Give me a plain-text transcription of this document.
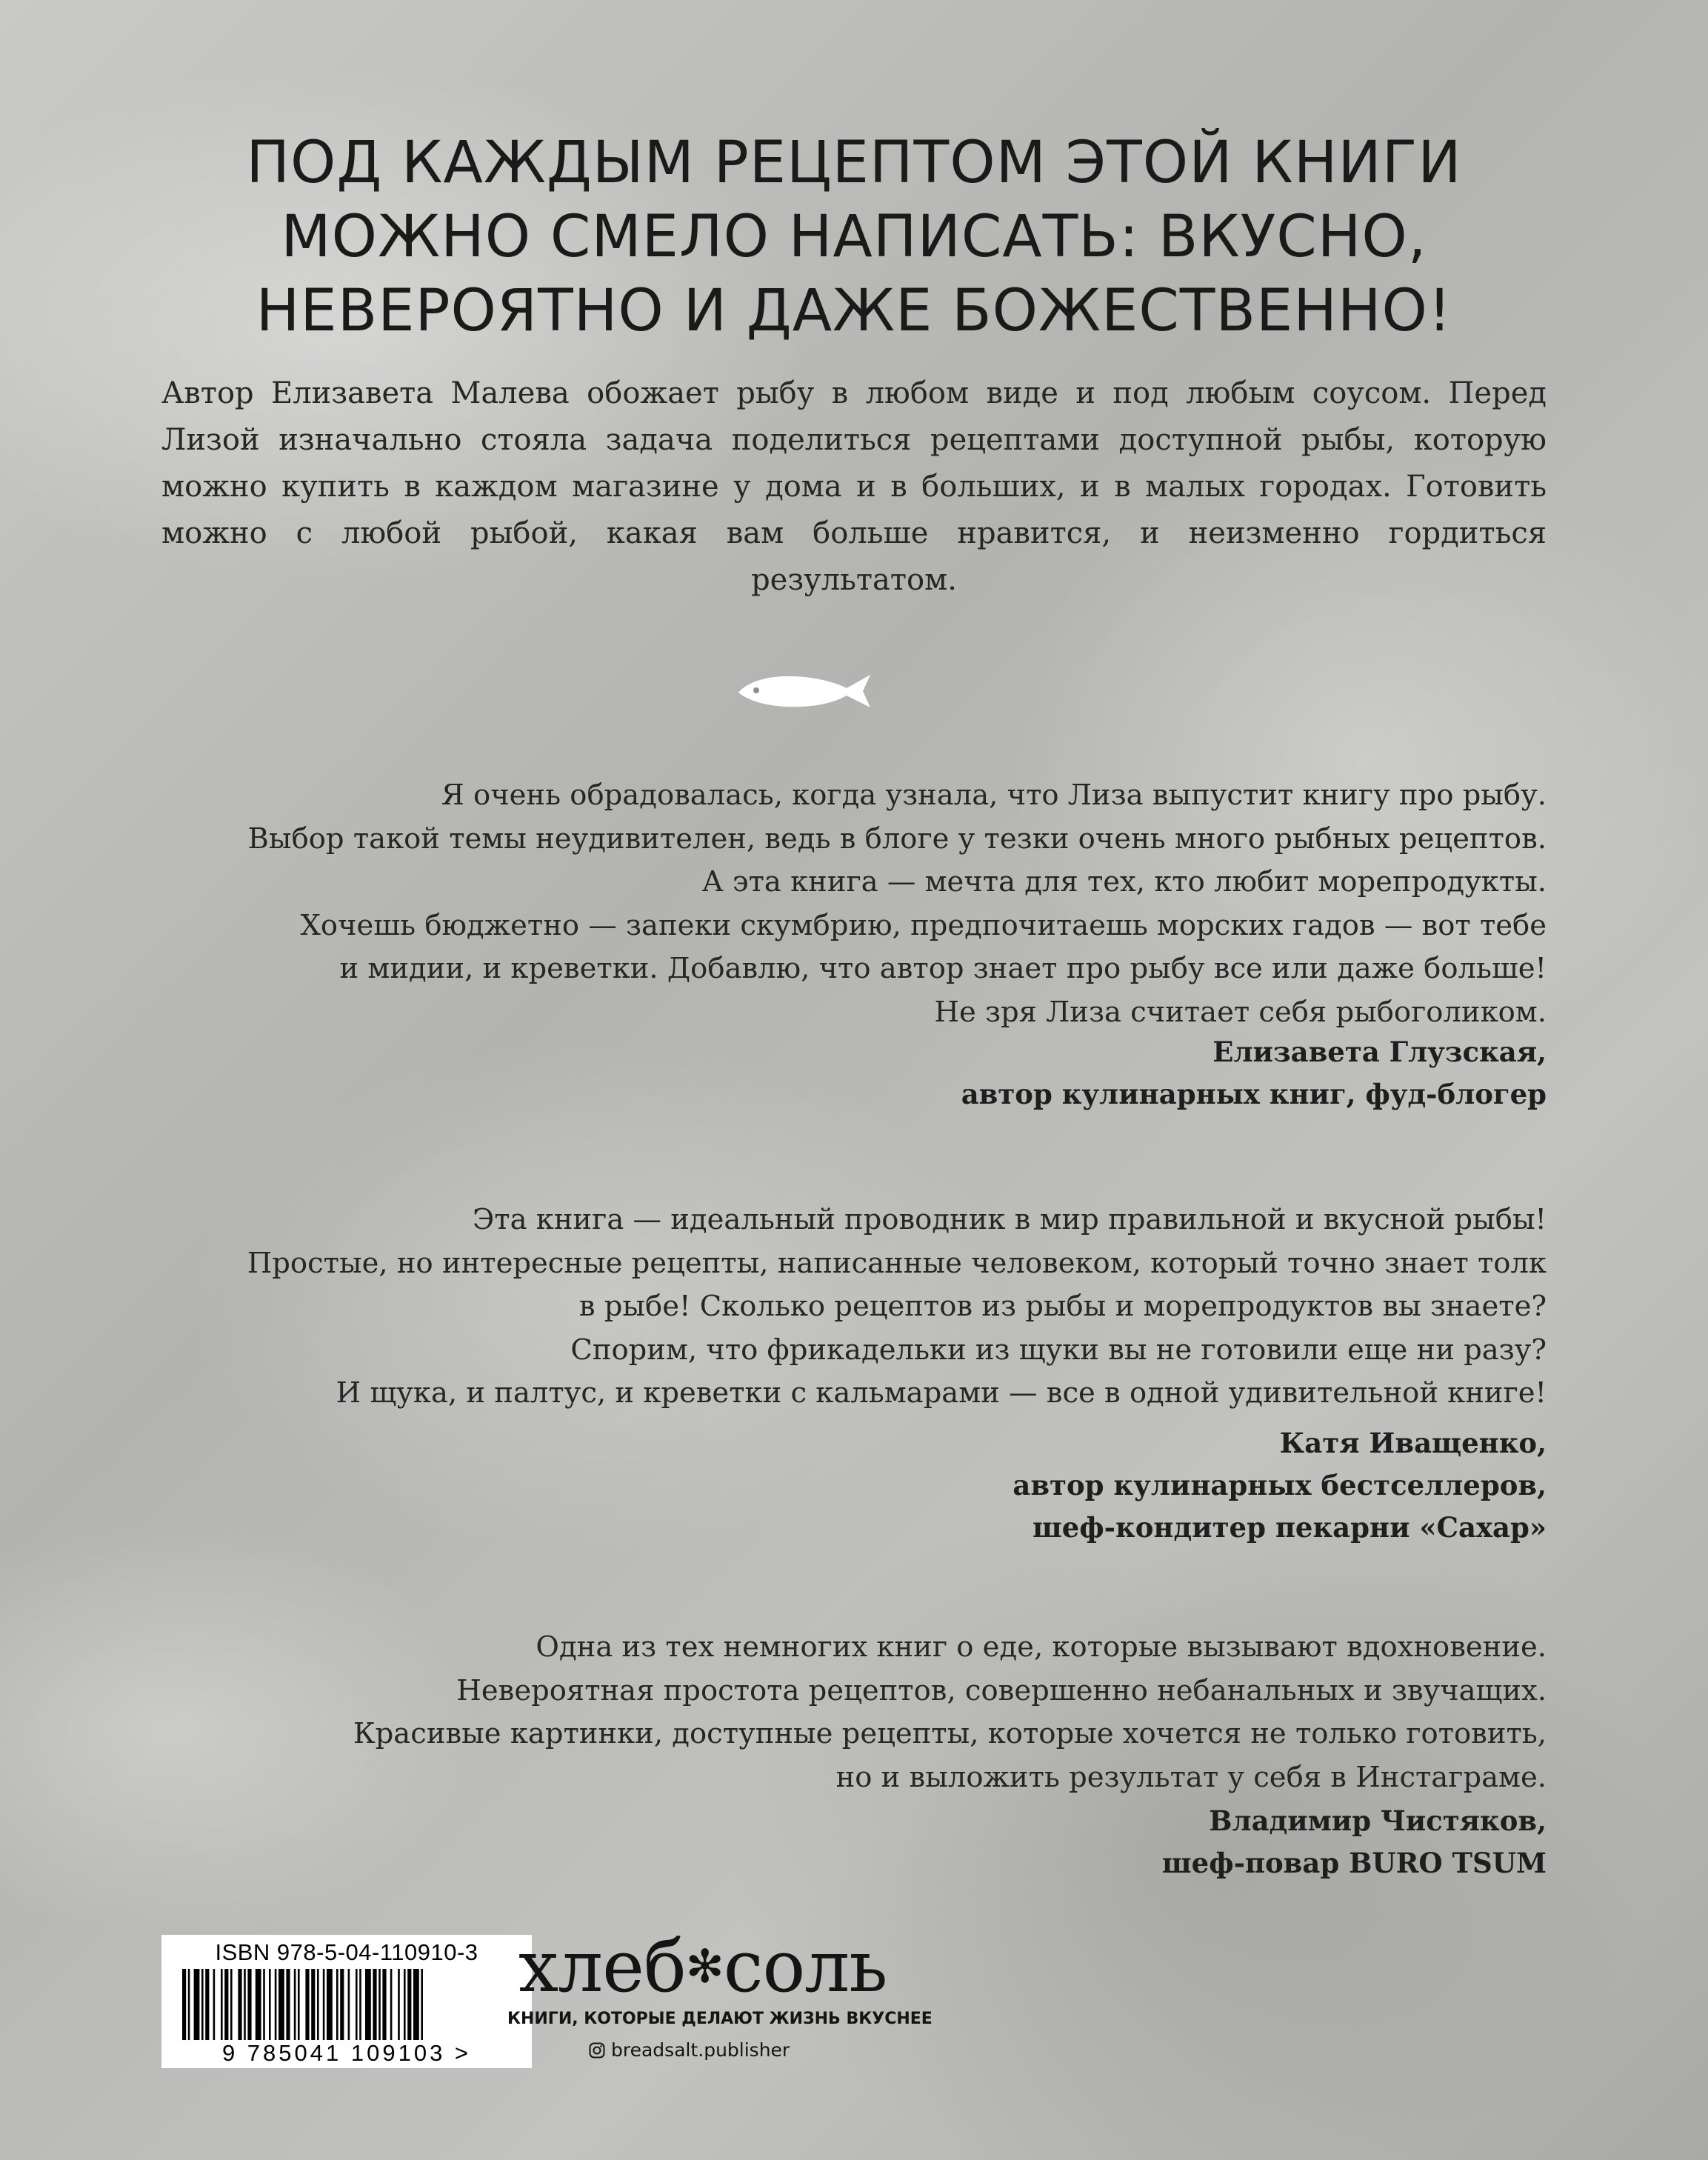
ПОД КАЖДЫМ РЕЦЕПТОМ ЭТОЙ КНИГИ
МОЖНО СМЕЛО НАПИСАТЬ: ВКУСНО,
НЕВЕРОЯТНО И ДАЖЕ БОЖЕСТВЕННО!
Автор Елизавета Малева обожает рыбу в любом виде и под любым соусом. Перед
Лизой изначально стояла задача поделиться рецептами доступной рыбы, которую
можно купить в каждом магазине у дома и в больших, и в малых городах. Готовить
можно с любой рыбой, какая вам больше нравится, и неизменно гордиться
результатом.
Я очень обрадовалась, когда узнала, что Лиза выпустит книгу про рыбу.
Выбор такой темы неудивителен, ведь в блоге у тезки очень много рыбных рецептов.
А эта книга — мечта для тех, кто любит морепродукты.
Хочешь бюджетно — запеки скумбрию, предпочитаешь морских гадов — вот тебе
и мидии, и креветки. Добавлю, что автор знает про рыбу все или даже больше!
Не зря Лиза считает себя рыбоголиком.
Елизавета Глузская,
автор кулинарных книг, фуд-блогер
Эта книга — идеальный проводник в мир правильной и вкусной рыбы!
Простые, но интересные рецепты, написанные человеком, который точно знает толк
в рыбе! Сколько рецептов из рыбы и морепродуктов вы знаете?
Спорим, что фрикадельки из щуки вы не готовили еще ни разу?
И щука, и палтус, и креветки с кальмарами — все в одной удивительной книге!
Катя Иващенко,
автор кулинарных бестселлеров,
шеф-кондитер пекарни «Сахар»
Одна из тех немногих книг о еде, которые вызывают вдохновение.
Невероятная простота рецептов, совершенно небанальных и звучащих.
Красивые картинки, доступные рецепты, которые хочется не только готовить,
но и выложить результат у себя в Инстаграме.
Владимир Чистяков,
шеф-повар BURO TSUM
ISBN 978-5-04-110910-3
9 785041 109103 >
хлеб✻соль
КНИГИ, КОТОРЫЕ ДЕЛАЮТ ЖИЗНЬ ВКУСНЕЕ
breadsalt.publisher
